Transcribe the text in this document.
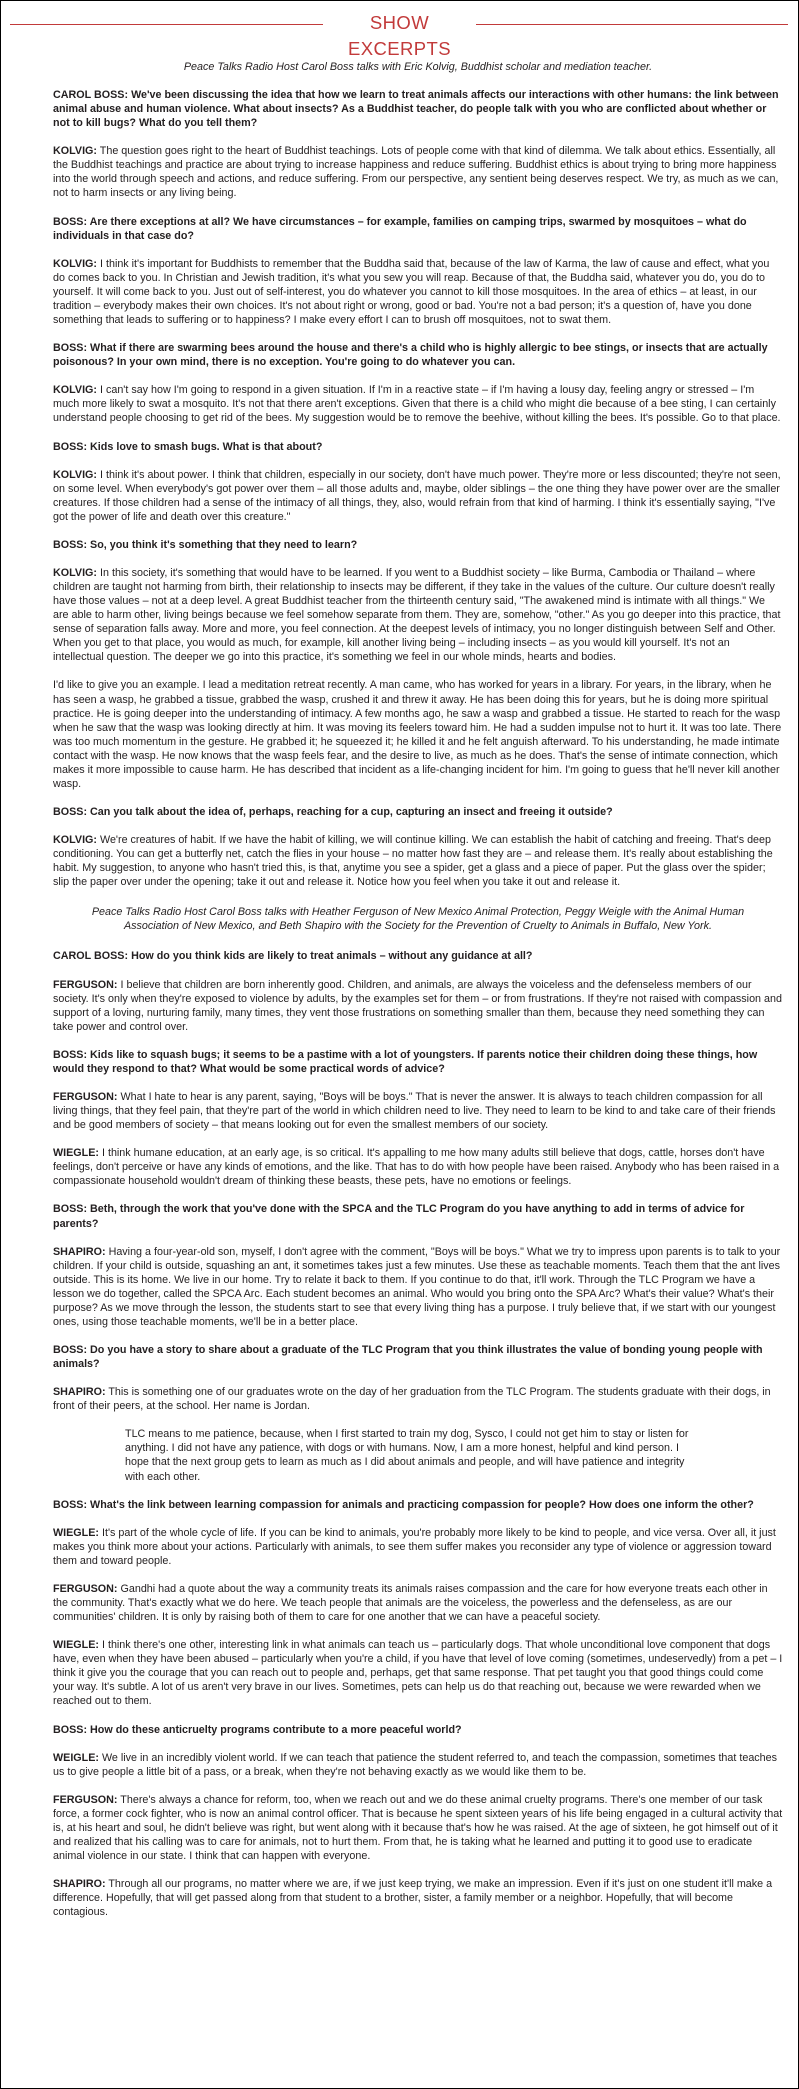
SHOW EXCERPTS

Peace Talks Radio Host Carol Boss talks with Eric Kolvig, Buddhist scholar and mediation teacher.

CAROL BOSS: We've been discussing the idea that how we learn to treat animals affects our interactions with other humans: the link between animal abuse and human violence. What about insects? As a Buddhist teacher, do people talk with you who are conflicted about whether or not to kill bugs? What do you tell them?

KOLVIG: The question goes right to the heart of Buddhist teachings. Lots of people come with that kind of dilemma. We talk about ethics. Essentially, all the Buddhist teachings and practice are about trying to increase happiness and reduce suffering. Buddhist ethics is about trying to bring more happiness into the world through speech and actions, and reduce suffering. From our perspective, any sentient being deserves respect. We try, as much as we can, not to harm insects or any living being.

BOSS: Are there exceptions at all? We have circumstances – for example, families on camping trips, swarmed by mosquitoes – what do individuals in that case do?

KOLVIG: I think it's important for Buddhists to remember that the Buddha said that, because of the law of Karma, the law of cause and effect, what you do comes back to you. In Christian and Jewish tradition, it's what you sew you will reap. Because of that, the Buddha said, whatever you do, you do to yourself. It will come back to you. Just out of self-interest, you do whatever you cannot to kill those mosquitoes. In the area of ethics – at least, in our tradition – everybody makes their own choices. It's not about right or wrong, good or bad. You're not a bad person; it's a question of, have you done something that leads to suffering or to happiness? I make every effort I can to brush off mosquitoes, not to swat them.

BOSS: What if there are swarming bees around the house and there's a child who is highly allergic to bee stings, or insects that are actually poisonous? In your own mind, there is no exception. You're going to do whatever you can.

KOLVIG: I can't say how I'm going to respond in a given situation. If I'm in a reactive state – if I'm having a lousy day, feeling angry or stressed – I'm much more likely to swat a mosquito. It's not that there aren't exceptions. Given that there is a child who might die because of a bee sting, I can certainly understand people choosing to get rid of the bees. My suggestion would be to remove the beehive, without killing the bees. It's possible. Go to that place.

BOSS: Kids love to smash bugs. What is that about?

KOLVIG: I think it's about power. I think that children, especially in our society, don't have much power. They're more or less discounted; they're not seen, on some level. When everybody's got power over them – all those adults and, maybe, older siblings – the one thing they have power over are the smaller creatures. If those children had a sense of the intimacy of all things, they, also, would refrain from that kind of harming. I think it's essentially saying, "I've got the power of life and death over this creature."

BOSS: So, you think it's something that they need to learn?

KOLVIG: In this society, it's something that would have to be learned. If you went to a Buddhist society – like Burma, Cambodia or Thailand – where children are taught not harming from birth, their relationship to insects may be different, if they take in the values of the culture. Our culture doesn't really have those values – not at a deep level. A great Buddhist teacher from the thirteenth century said, "The awakened mind is intimate with all things." We are able to harm other, living beings because we feel somehow separate from them. They are, somehow, "other." As you go deeper into this practice, that sense of separation falls away. More and more, you feel connection. At the deepest levels of intimacy, you no longer distinguish between Self and Other. When you get to that place, you would as much, for example, kill another living being – including insects – as you would kill yourself. It's not an intellectual question. The deeper we go into this practice, it's something we feel in our whole minds, hearts and bodies.

I'd like to give you an example. I lead a meditation retreat recently. A man came, who has worked for years in a library. For years, in the library, when he has seen a wasp, he grabbed a tissue, grabbed the wasp, crushed it and threw it away. He has been doing this for years, but he is doing more spiritual practice. He is going deeper into the understanding of intimacy. A few months ago, he saw a wasp and grabbed a tissue. He started to reach for the wasp when he saw that the wasp was looking directly at him. It was moving its feelers toward him. He had a sudden impulse not to hurt it. It was too late. There was too much momentum in the gesture. He grabbed it; he squeezed it; he killed it and he felt anguish afterward. To his understanding, he made intimate contact with the wasp. He now knows that the wasp feels fear, and the desire to live, as much as he does. That's the sense of intimate connection, which makes it more impossible to cause harm. He has described that incident as a life-changing incident for him. I'm going to guess that he'll never kill another wasp.

BOSS: Can you talk about the idea of, perhaps, reaching for a cup, capturing an insect and freeing it outside?

KOLVIG: We're creatures of habit. If we have the habit of killing, we will continue killing. We can establish the habit of catching and freeing. That's deep conditioning. You can get a butterfly net, catch the flies in your house – no matter how fast they are – and release them. It's really about establishing the habit. My suggestion, to anyone who hasn't tried this, is that, anytime you see a spider, get a glass and a piece of paper. Put the glass over the spider; slip the paper over under the opening; take it out and release it. Notice how you feel when you take it out and release it.

Peace Talks Radio Host Carol Boss talks with Heather Ferguson of New Mexico Animal Protection, Peggy Weigle with the Animal Human Association of New Mexico, and Beth Shapiro with the Society for the Prevention of Cruelty to Animals in Buffalo, New York.

CAROL BOSS: How do you think kids are likely to treat animals – without any guidance at all?

FERGUSON: I believe that children are born inherently good. Children, and animals, are always the voiceless and the defenseless members of our society. It's only when they're exposed to violence by adults, by the examples set for them – or from frustrations. If they're not raised with compassion and support of a loving, nurturing family, many times, they vent those frustrations on something smaller than them, because they need something they can take power and control over.

BOSS: Kids like to squash bugs; it seems to be a pastime with a lot of youngsters. If parents notice their children doing these things, how would they respond to that? What would be some practical words of advice?

FERGUSON: What I hate to hear is any parent, saying, "Boys will be boys." That is never the answer. It is always to teach children compassion for all living things, that they feel pain, that they're part of the world in which children need to live. They need to learn to be kind to and take care of their friends and be good members of society – that means looking out for even the smallest members of our society.

WIEGLE: I think humane education, at an early age, is so critical. It's appalling to me how many adults still believe that dogs, cattle, horses don't have feelings, don't perceive or have any kinds of emotions, and the like. That has to do with how people have been raised. Anybody who has been raised in a compassionate household wouldn't dream of thinking these beasts, these pets, have no emotions or feelings.

BOSS: Beth, through the work that you've done with the SPCA and the TLC Program do you have anything to add in terms of advice for parents?

SHAPIRO: Having a four-year-old son, myself, I don't agree with the comment, "Boys will be boys." What we try to impress upon parents is to talk to your children. If your child is outside, squashing an ant, it sometimes takes just a few minutes. Use these as teachable moments. Teach them that the ant lives outside. This is its home. We live in our home. Try to relate it back to them. If you continue to do that, it'll work. Through the TLC Program we have a lesson we do together, called the SPCA Arc. Each student becomes an animal. Who would you bring onto the SPA Arc? What's their value? What's their purpose? As we move through the lesson, the students start to see that every living thing has a purpose. I truly believe that, if we start with our youngest ones, using those teachable moments, we'll be in a better place.

BOSS: Do you have a story to share about a graduate of the TLC Program that you think illustrates the value of bonding young people with animals?

SHAPIRO: This is something one of our graduates wrote on the day of her graduation from the TLC Program. The students graduate with their dogs, in front of their peers, at the school. Her name is Jordan.

TLC means to me patience, because, when I first started to train my dog, Sysco, I could not get him to stay or listen for anything. I did not have any patience, with dogs or with humans. Now, I am a more honest, helpful and kind person. I hope that the next group gets to learn as much as I did about animals and people, and will have patience and integrity with each other.

BOSS: What's the link between learning compassion for animals and practicing compassion for people? How does one inform the other?

WIEGLE: It's part of the whole cycle of life. If you can be kind to animals, you're probably more likely to be kind to people, and vice versa. Over all, it just makes you think more about your actions. Particularly with animals, to see them suffer makes you reconsider any type of violence or aggression toward them and toward people.

FERGUSON: Gandhi had a quote about the way a community treats its animals raises compassion and the care for how everyone treats each other in the community. That's exactly what we do here. We teach people that animals are the voiceless, the powerless and the defenseless, as are our communities' children. It is only by raising both of them to care for one another that we can have a peaceful society.

WIEGLE: I think there's one other, interesting link in what animals can teach us – particularly dogs. That whole unconditional love component that dogs have, even when they have been abused – particularly when you're a child, if you have that level of love coming (sometimes, undeservedly) from a pet – I think it give you the courage that you can reach out to people and, perhaps, get that same response. That pet taught you that good things could come your way. It's subtle. A lot of us aren't very brave in our lives. Sometimes, pets can help us do that reaching out, because we were rewarded when we reached out to them.

BOSS: How do these anticruelty programs contribute to a more peaceful world?

WEIGLE: We live in an incredibly violent world. If we can teach that patience the student referred to, and teach the compassion, sometimes that teaches us to give people a little bit of a pass, or a break, when they're not behaving exactly as we would like them to be.

FERGUSON: There's always a chance for reform, too, when we reach out and we do these animal cruelty programs. There's one member of our task force, a former cock fighter, who is now an animal control officer. That is because he spent sixteen years of his life being engaged in a cultural activity that is, at his heart and soul, he didn't believe was right, but went along with it because that's how he was raised. At the age of sixteen, he got himself out of it and realized that his calling was to care for animals, not to hurt them. From that, he is taking what he learned and putting it to good use to eradicate animal violence in our state. I think that can happen with everyone.

SHAPIRO: Through all our programs, no matter where we are, if we just keep trying, we make an impression. Even if it's just on one student it'll make a difference. Hopefully, that will get passed along from that student to a brother, sister, a family member or a neighbor. Hopefully, that will become contagious.
